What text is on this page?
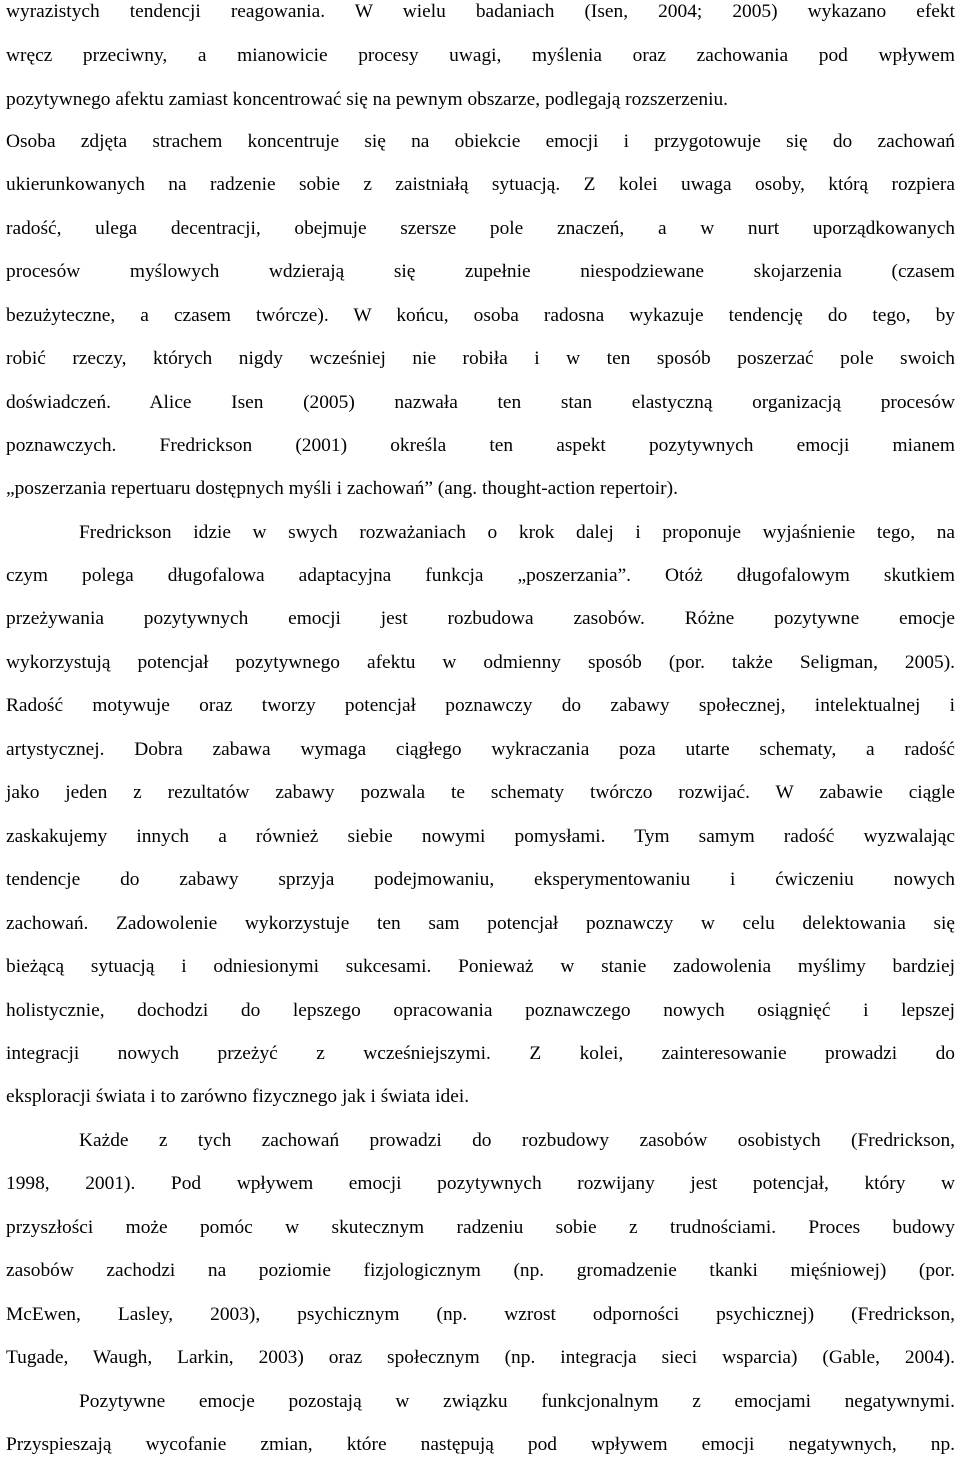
wyrazistych tendencji reagowania. W wielu badaniach (Isen, 2004; 2005) wykazano efekt
wręcz przeciwny, a mianowicie procesy uwagi, myślenia oraz zachowania pod wpływem
pozytywnego afektu zamiast koncentrować się na pewnym obszarze, podlegają rozszerzeniu.
Osoba zdjęta strachem koncentruje się na obiekcie emocji i przygotowuje się do zachowań
ukierunkowanych na radzenie sobie z zaistniałą sytuacją. Z kolei uwaga osoby, którą rozpiera
radość, ulega decentracji, obejmuje szersze pole znaczeń, a w nurt uporządkowanych
procesów myślowych wdzierają się zupełnie niespodziewane skojarzenia (czasem
bezużyteczne, a czasem twórcze). W końcu, osoba radosna wykazuje tendencję do tego, by
robić rzeczy, których nigdy wcześniej nie robiła i w ten sposób poszerzać pole swoich
doświadczeń. Alice Isen (2005) nazwała ten stan elastyczną organizacją procesów
poznawczych. Fredrickson (2001) określa ten aspekt pozytywnych emocji mianem
„poszerzania repertuaru dostępnych myśli i zachowań” (ang. thought-action repertoir).
Fredrickson idzie w swych rozważaniach o krok dalej i proponuje wyjaśnienie tego, na
czym polega długofalowa adaptacyjna funkcja „poszerzania”. Otóż długofalowym skutkiem
przeżywania pozytywnych emocji jest rozbudowa zasobów. Różne pozytywne emocje
wykorzystują potencjał pozytywnego afektu w odmienny sposób (por. także Seligman, 2005).
Radość motywuje oraz tworzy potencjał poznawczy do zabawy społecznej, intelektualnej i
artystycznej. Dobra zabawa wymaga ciągłego wykraczania poza utarte schematy, a radość
jako jeden z rezultatów zabawy pozwala te schematy twórczo rozwijać. W zabawie ciągle
zaskakujemy innych a również siebie nowymi pomysłami. Tym samym radość wyzwalając
tendencje do zabawy sprzyja podejmowaniu, eksperymentowaniu i ćwiczeniu nowych
zachowań. Zadowolenie wykorzystuje ten sam potencjał poznawczy w celu delektowania się
bieżącą sytuacją i odniesionymi sukcesami. Ponieważ w stanie zadowolenia myślimy bardziej
holistycznie, dochodzi do lepszego opracowania poznawczego nowych osiągnięć i lepszej
integracji nowych przeżyć z wcześniejszymi. Z kolei, zainteresowanie prowadzi do
eksploracji świata i to zarówno fizycznego jak i świata idei.
Każde z tych zachowań prowadzi do rozbudowy zasobów osobistych (Fredrickson,
1998, 2001). Pod wpływem emocji pozytywnych rozwijany jest potencjał, który w
przyszłości może pomóc w skutecznym radzeniu sobie z trudnościami. Proces budowy
zasobów zachodzi na poziomie fizjologicznym (np. gromadzenie tkanki mięśniowej) (por.
McEwen, Lasley, 2003), psychicznym (np. wzrost odporności psychicznej) (Fredrickson,
Tugade, Waugh, Larkin, 2003) oraz społecznym (np. integracja sieci wsparcia) (Gable, 2004).
Pozytywne emocje pozostają w związku funkcjonalnym z emocjami negatywnymi.
Przyspieszają wycofanie zmian, które następują pod wpływem emocji negatywnych, np.
